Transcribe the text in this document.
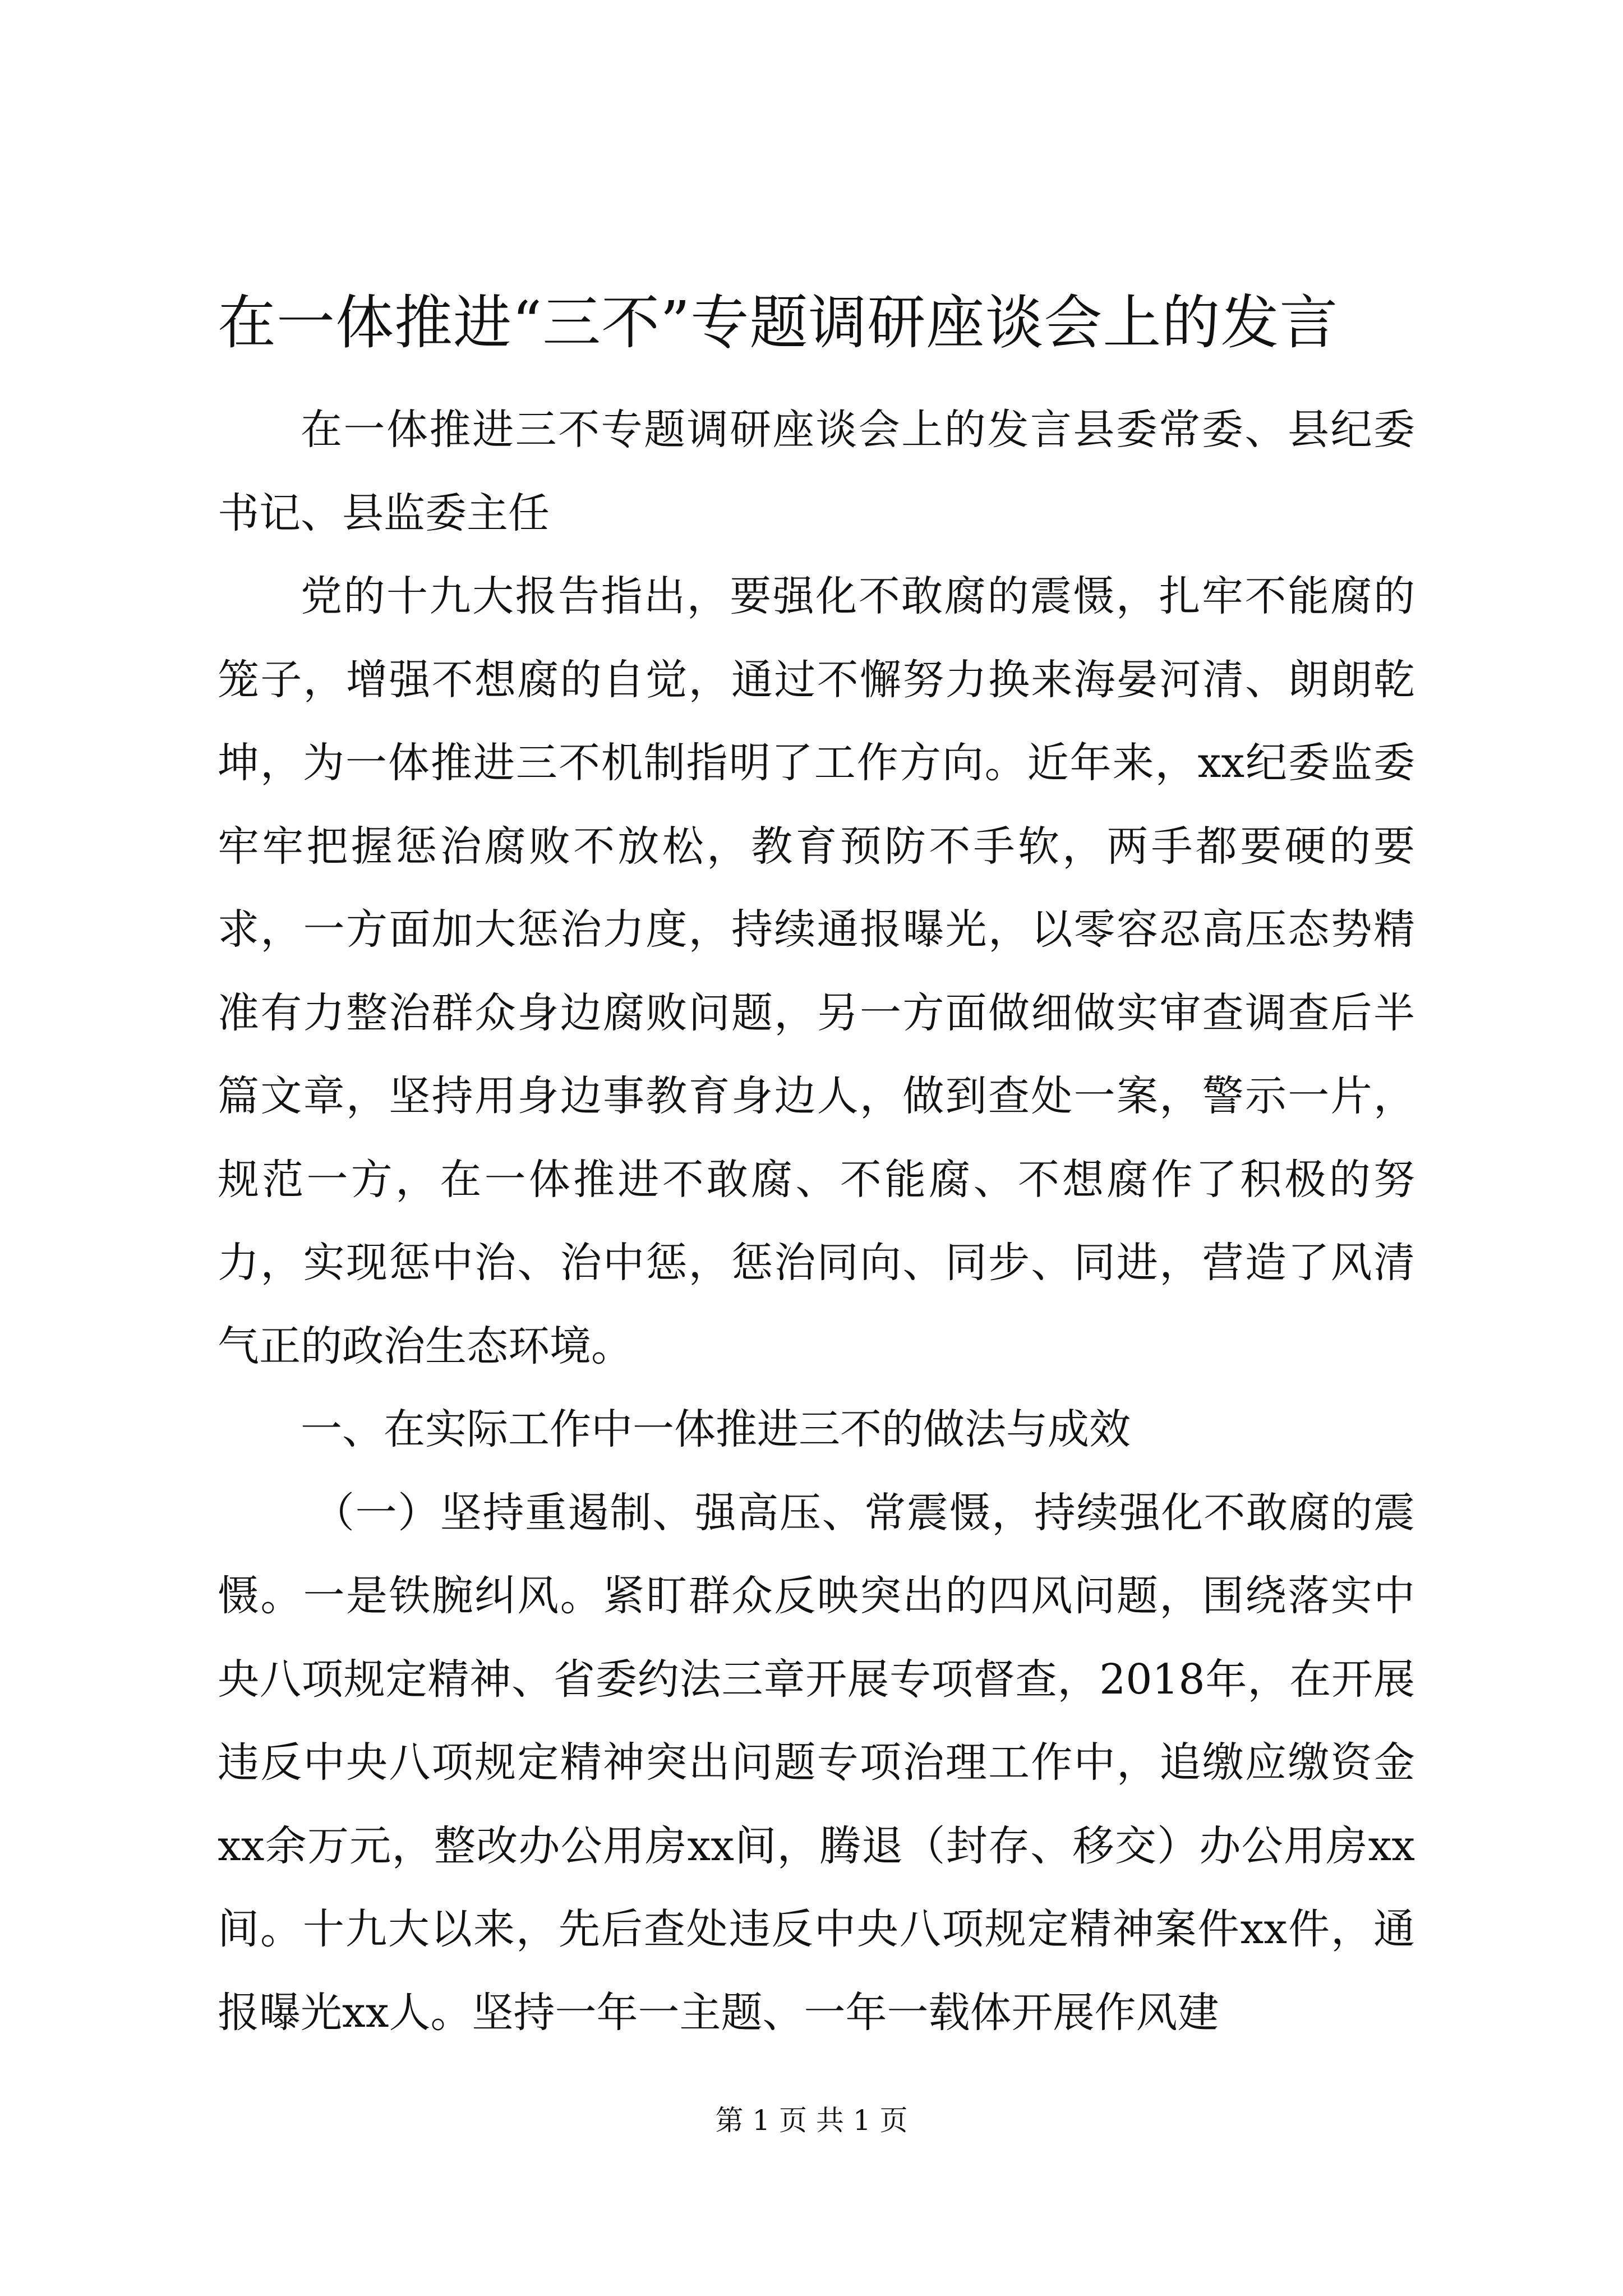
在一体推进“三不”专题调研座谈会上的发言

在一体推进三不专题调研座谈会上的发言县委常委、县纪委书记、县监委主任

党的十九大报告指出，要强化不敢腐的震慑，扎牢不能腐的笼子，增强不想腐的自觉，通过不懈努力换来海晏河清、朗朗乾坤，为一体推进三不机制指明了工作方向。近年来，xx纪委监委牢牢把握惩治腐败不放松，教育预防不手软，两手都要硬的要求，一方面加大惩治力度，持续通报曝光，以零容忍高压态势精准有力整治群众身边腐败问题，另一方面做细做实审查调查后半篇文章，坚持用身边事教育身边人，做到查处一案，警示一片，规范一方，在一体推进不敢腐、不能腐、不想腐作了积极的努力，实现惩中治、治中惩，惩治同向、同步、同进，营造了风清气正的政治生态环境。

一、在实际工作中一体推进三不的做法与成效

（一）坚持重遏制、强高压、常震慑，持续强化不敢腐的震慑。一是铁腕纠风。紧盯群众反映突出的四风问题，围绕落实中央八项规定精神、省委约法三章开展专项督查，2018年，在开展违反中央八项规定精神突出问题专项治理工作中，追缴应缴资金xx余万元，整改办公用房xx间，腾退（封存、移交）办公用房xx间。十九大以来，先后查处违反中央八项规定精神案件xx件，通报曝光xx人。坚持一年一主题、一年一载体开展作风建

第 1 页 共 1 页
